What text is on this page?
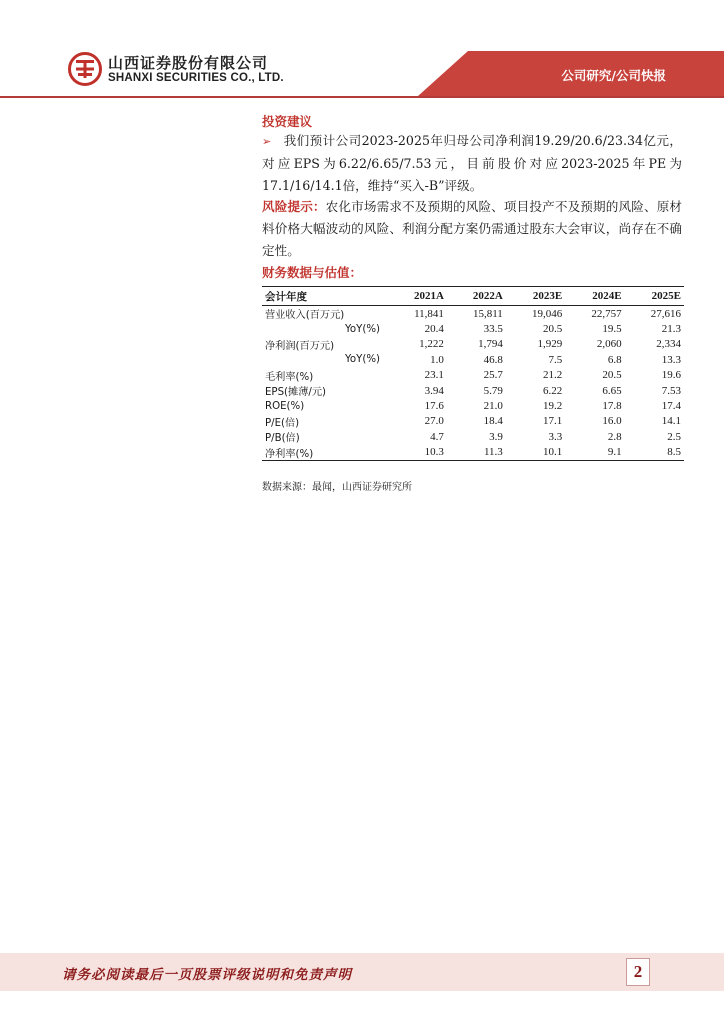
公司研究/公司快报
山西证券股份有限公司
SHANXI SECURITIES CO., LTD.
投资建议
➢ 我们预计公司2023-2025年归母公司净利润19.29/20.6/23.34亿元，对应EPS为6.22/6.65/7.53元，目前股价对应2023-2025年PE为17.1/16/14.1倍，维持“买入-B”评级。
风险提示：农化市场需求不及预期的风险、项目投产不及预期的风险、原材料价格大幅波动的风险、利润分配方案仍需通过股东大会审议，尚存在不确定性。
财务数据与估值：
会计年度	2021A	2022A	2023E	2024E	2025E
营业收入(百万元)	11,841	15,811	19,046	22,757	27,616
YoY(%)	20.4	33.5	20.5	19.5	21.3
净利润(百万元)	1,222	1,794	1,929	2,060	2,334
YoY(%)	1.0	46.8	7.5	6.8	13.3
毛利率(%)	23.1	25.7	21.2	20.5	19.6
EPS(摊薄/元)	3.94	5.79	6.22	6.65	7.53
ROE(%)	17.6	21.0	19.2	17.8	17.4
P/E(倍)	27.0	18.4	17.1	16.0	14.1
P/B(倍)	4.7	3.9	3.3	2.8	2.5
净利率(%)	10.3	11.3	10.1	9.1	8.5
数据来源：最闻，山西证券研究所
请务必阅读最后一页股票评级说明和免责声明	2
